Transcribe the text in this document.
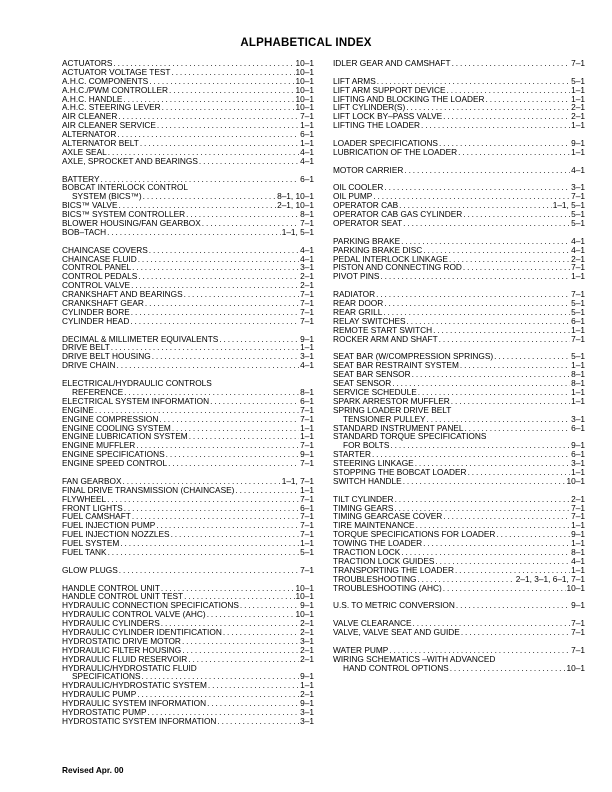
ALPHABETICAL INDEX
ACTUATORS . . .	10–1
ACTUATOR VOLTAGE TEST . . .	10–1
A.H.C. COMPONENTS . . .	10–1
A.H.C./PWM CONTROLLER . . .	10–1
A.H.C. HANDLE . . .	10–1
A.H.C. STEERING LEVER . . .	10–1
AIR CLEANER . . .	7–1
AIR CLEANER SERVICE . . .	1–1
ALTERNATOR . . .	6–1
ALTERNATOR BELT . . .	1–1
AXLE SEAL . . .	4–1
AXLE, SPROCKET AND BEARINGS . . .	4–1
BATTERY . . .	6–1
BOBCAT INTERLOCK CONTROL
SYSTEM (BICS™) . . .	8–1, 10–1
BICS™ VALVE . . .	2–1, 10–1
BICS™ SYSTEM CONTROLLER . . .	8–1
BLOWER HOUSING/FAN GEARBOX . . .	7–1
BOB–TACH . . .	1–1, 5–1
CHAINCASE COVERS . . .	4–1
CHAINCASE FLUID . . .	4–1
CONTROL PANEL . . .	3–1
CONTROL PEDALS . . .	2–1
CONTROL VALVE . . .	2–1
CRANKSHAFT AND BEARINGS . . .	7–1
CRANKSHAFT GEAR . . .	7–1
CYLINDER BORE . . .	7–1
CYLINDER HEAD . . .	7–1
DECIMAL & MILLIMETER EQUIVALENTS . . .	9–1
DRIVE BELT . . .	1–1
DRIVE BELT HOUSING . . .	3–1
DRIVE CHAIN . . .	4–1
ELECTRICAL/HYDRAULIC CONTROLS
REFERENCE . . .	8–1
ELECTRICAL SYSTEM INFORMATION . . .	6–1
ENGINE . . .	7–1
ENGINE COMPRESSION . . .	7–1
ENGINE COOLING SYSTEM . . .	1–1
ENGINE LUBRICATION SYSTEM . . .	1–1
ENGINE MUFFLER . . .	7–1
ENGINE SPECIFICATIONS . . .	9–1
ENGINE SPEED CONTROL . . .	7–1
FAN GEARBOX . . .	1–1, 7–1
FINAL DRIVE TRANSMISSION (CHAINCASE) . . .	1–1
FLYWHEEL . . .	7–1
FRONT LIGHTS . . .	6–1
FUEL CAMSHAFT . . .	7–1
FUEL INJECTION PUMP . . .	7–1
FUEL INJECTION NOZZLES . . .	7–1
FUEL SYSTEM . . .	1–1
FUEL TANK . . .	5–1
GLOW PLUGS . . .	7–1
HANDLE CONTROL UNIT . . .	10–1
HANDLE CONTROL UNIT TEST . . .	10–1
HYDRAULIC CONNECTION SPECIFICATIONS . . .	9–1
HYDRAULIC CONTROL VALVE (AHC) . . .	10–1
HYDRAULIC CYLINDERS . . .	2–1
HYDRAULIC CYLINDER IDENTIFICATION . . .	2–1
HYDROSTATIC DRIVE MOTOR . . .	3–1
HYDRAULIC FILTER HOUSING . . .	2–1
HYDRAULIC FLUID RESERVOIR . . .	2–1
HYDRAULIC/HYDROSTATIC FLUID
SPECIFICATIONS . . .	9–1
HYDRAULIC/HYDROSTATIC SYSTEM . . .	1–1
HYDRAULIC PUMP . . .	2–1
HYDRAULIC SYSTEM INFORMATION . . .	9–1
HYDROSTATIC PUMP . . .	3–1
HYDROSTATIC SYSTEM INFORMATION . . .	3–1
IDLER GEAR AND CAMSHAFT . . .	7–1
LIFT ARMS . . .	5–1
LIFT ARM SUPPORT DEVICE . . .	1–1
LIFTING AND BLOCKING THE LOADER . . .	1–1
LIFT CYLINDER(S) . . .	2–1
LIFT LOCK BY–PASS VALVE . . .	2–1
LIFTING THE LOADER . . .	1–1
LOADER SPECIFICATIONS . . .	9–1
LUBRICATION OF THE LOADER . . .	1–1
MOTOR CARRIER . . .	4–1
OIL COOLER . . .	3–1
OIL PUMP . . .	7–1
OPERATOR CAB . . .	1–1, 5–1
OPERATOR CAB GAS CYLINDER . . .	5–1
OPERATOR SEAT . . .	5–1
PARKING BRAKE . . .	4–1
PARKING BRAKE DISC . . .	4–1
PEDAL INTERLOCK LINKAGE . . .	2–1
PISTON AND CONNECTING ROD . . .	7–1
PIVOT PINS . . .	1–1
RADIATOR . . .	7–1
REAR DOOR . . .	5–1
REAR GRILL . . .	5–1
RELAY SWITCHES . . .	6–1
REMOTE START SWITCH . . .	1–1
ROCKER ARM AND SHAFT . . .	7–1
SEAT BAR (W/COMPRESSION SPRINGS) . . .	5–1
SEAT BAR RESTRAINT SYSTEM . . .	1–1
SEAT BAR SENSOR . . .	8–1
SEAT SENSOR . . .	8–1
SERVICE SCHEDULE . . .	1–1
SPARK ARRESTOR MUFFLER . . .	1–1
SPRING LOADER DRIVE BELT
TENSIONER PULLEY . . .	3–1
STANDARD INSTRUMENT PANEL . . .	6–1
STANDARD TORQUE SPECIFICATIONS
FOR BOLTS . . .	9–1
STARTER . . .	6–1
STEERING LINKAGE . . .	3–1
STOPPING THE BOBCAT LOADER . . .	1–1
SWITCH HANDLE . . .	10–1
TILT CYLINDER . . .	2–1
TIMING GEARS . . .	7–1
TIMING GEARCASE COVER . . .	7–1
TIRE MAINTENANCE . . .	1–1
TORQUE SPECIFICATIONS FOR LOADER . . .	9–1
TOWING THE LOADER . . .	1–1
TRACTION LOCK . . .	8–1
TRACTION LOCK GUIDES . . .	4–1
TRANSPORTING THE LOADER . . .	1–1
TROUBLESHOOTING . . .	2–1, 3–1, 6–1, 7–1
TROUBLESHOOTING (AHC) . . .	10–1
U.S. TO METRIC CONVERSION . . .	9–1
VALVE CLEARANCE . . .	7–1
VALVE, VALVE SEAT AND GUIDE . . .	7–1
WATER PUMP . . .	7–1
WIRING SCHEMATICS –WITH ADVANCED
HAND CONTROL OPTIONS . . .	10–1
Revised Apr. 00
